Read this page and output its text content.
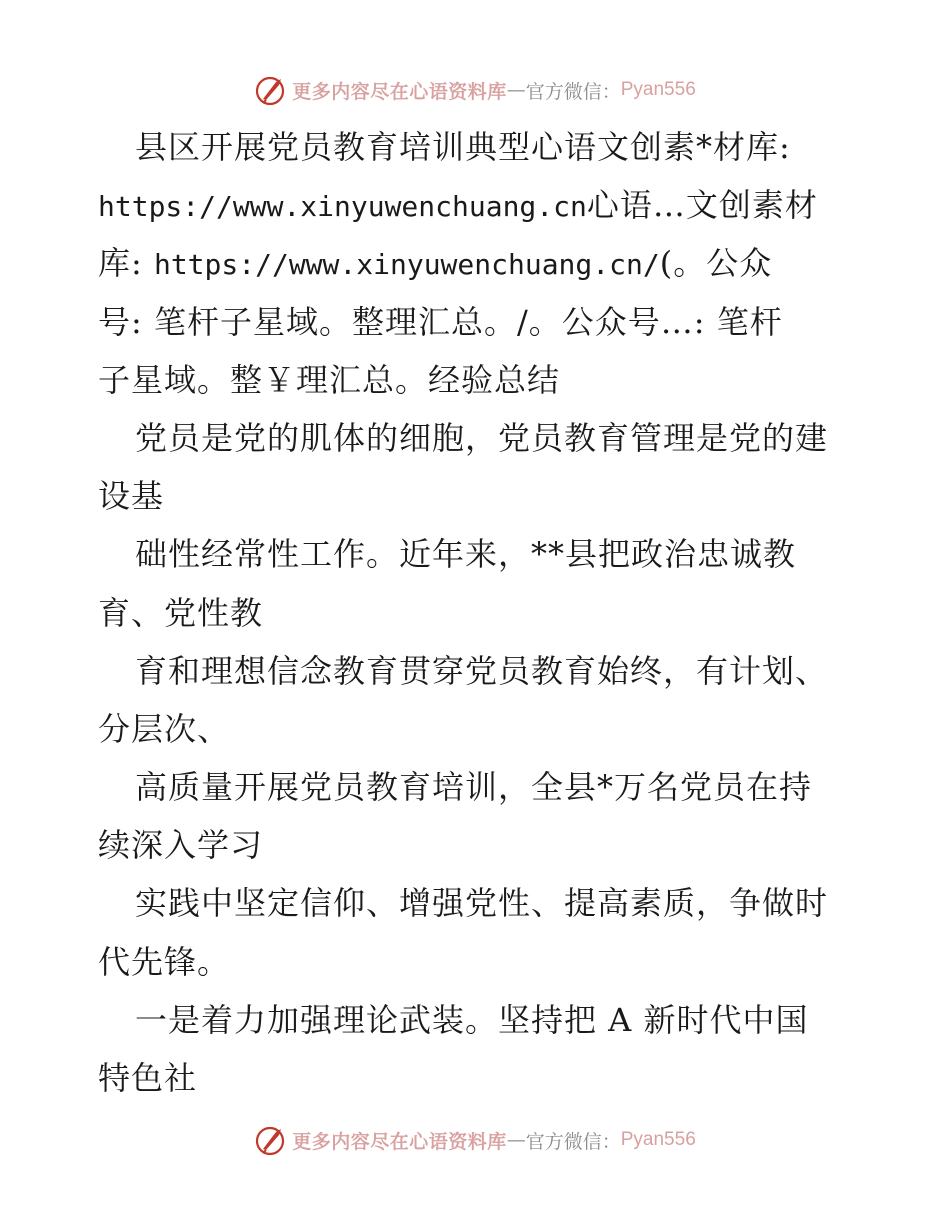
更多内容尽在心语资料库 — 官方微信： Pyan556
县区开展党员教育培训典型心语文创素*材库:
https://www.xinyuwenchuang.cn心语…文创素材
库: https://www.xinyuwenchuang.cn/(。公众
号: 笔杆子星域。整理汇总。/。公众号…: 笔杆
子星域。整￥理汇总。经验总结
党员是党的肌体的细胞，党员教育管理是党的建
设基
础性经常性工作。近年来，**县把政治忠诚教
育、党性教
育和理想信念教育贯穿党员教育始终，有计划、
分层次、
高质量开展党员教育培训，全县*万名党员在持
续深入学习
实践中坚定信仰、增强党性、提高素质，争做时
代先锋。
一是着力加强理论武装。坚持把 A 新时代中国
特色社
更多内容尽在心语资料库 — 官方微信： Pyan556
